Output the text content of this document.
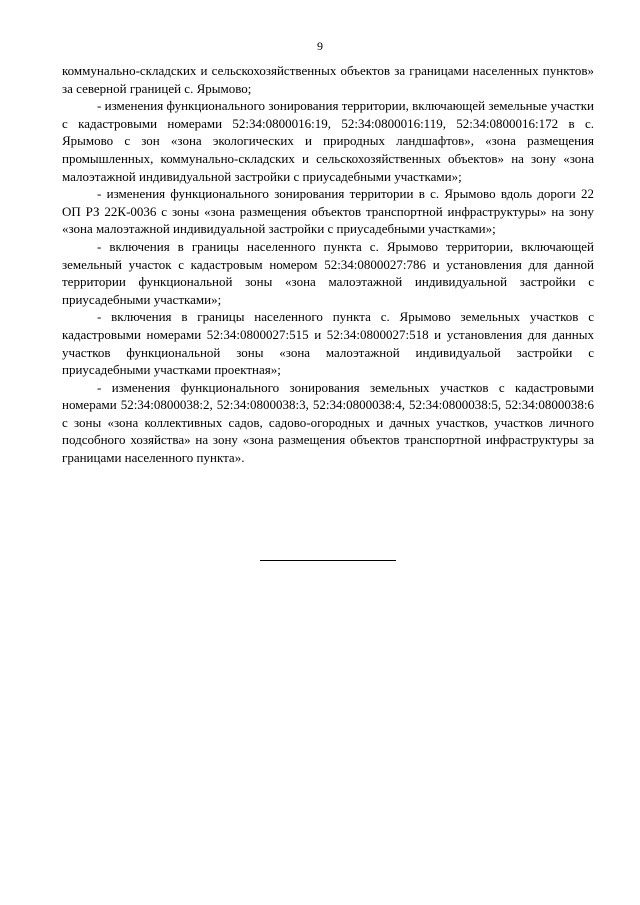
9

коммунально-складских и сельскохозяйственных объектов за границами населенных пунктов» за северной границей с. Ярымово;

- изменения функционального зонирования территории, включающей земельные участки с кадастровыми номерами 52:34:0800016:19, 52:34:0800016:119, 52:34:0800016:172 в с. Ярымово с зон «зона экологических и природных ландшафтов», «зона размещения промышленных, коммунально-складских и сельскохозяйственных объектов» на зону «зона малоэтажной индивидуальной застройки с приусадебными участками»;

- изменения функционального зонирования территории в с. Ярымово вдоль дороги 22 ОП РЗ 22К-0036 с зоны «зона размещения объектов транспортной инфраструктуры» на зону «зона малоэтажной индивидуальной застройки с приусадебными участками»;

- включения в границы населенного пункта с. Ярымово территории, включающей земельный участок с кадастровым номером 52:34:0800027:786 и установления для данной территории функциональной зоны «зона малоэтажной индивидуальной застройки с приусадебными участками»;

- включения в границы населенного пункта с. Ярымово земельных участков с кадастровыми номерами 52:34:0800027:515 и 52:34:0800027:518 и установления для данных участков функциональной зоны «зона малоэтажной индивидуальой застройки с приусадебными участками проектная»;

- изменения функционального зонирования земельных участков с кадастровыми номерами 52:34:0800038:2, 52:34:0800038:3, 52:34:0800038:4, 52:34:0800038:5, 52:34:0800038:6 с зоны «зона коллективных садов, садово-огородных и дачных участков, участков личного подсобного хозяйства» на зону «зона размещения объектов транспортной инфраструктуры за границами населенного пункта».
